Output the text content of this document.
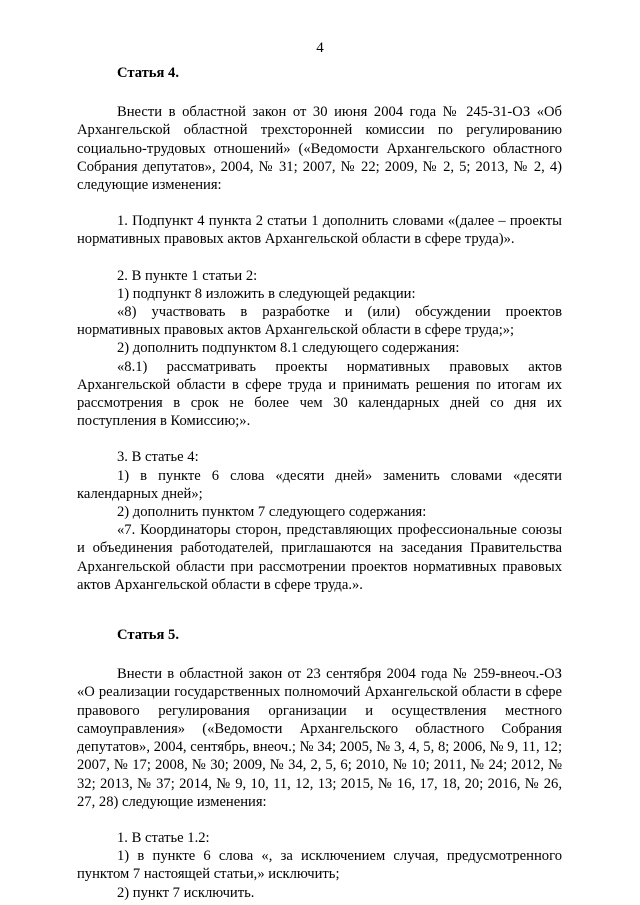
4
Статья 4.

Внести в областной закон от 30 июня 2004 года № 245-31-ОЗ «Об Архангельской областной трехсторонней комиссии по регулированию социально-трудовых отношений» («Ведомости Архангельского областного Собрания депутатов», 2004, № 31; 2007, № 22; 2009, № 2, 5; 2013, № 2, 4) следующие изменения:

1. Подпункт 4 пункта 2 статьи 1 дополнить словами «(далее – проекты нормативных правовых актов Архангельской области в сфере труда)».

2. В пункте 1 статьи 2:

1) подпункт 8 изложить в следующей редакции:

«8) участвовать в разработке и (или) обсуждении проектов нормативных правовых актов Архангельской области в сфере труда;»;

2) дополнить подпунктом 8.1 следующего содержания:

«8.1) рассматривать проекты нормативных правовых актов Архангельской области в сфере труда и принимать решения по итогам их рассмотрения в срок не более чем 30 календарных дней со дня их поступления в Комиссию;».

3. В статье 4:

1) в пункте 6 слова «десяти дней» заменить словами «десяти календарных дней»;

2) дополнить пунктом 7 следующего содержания:

«7. Координаторы сторон, представляющих профессиональные союзы и объединения работодателей, приглашаются на заседания Правительства Архангельской области при рассмотрении проектов нормативных правовых актов Архангельской области в сфере труда.».

Статья 5.

Внести в областной закон от 23 сентября 2004 года № 259-внеоч.-ОЗ «О реализации государственных полномочий Архангельской области в сфере правового регулирования организации и осуществления местного самоуправления» («Ведомости Архангельского областного Собрания депутатов», 2004, сентябрь, внеоч.; № 34; 2005, № 3, 4, 5, 8; 2006, № 9, 11, 12; 2007, № 17; 2008, № 30; 2009, № 34, 2, 5, 6; 2010, № 10; 2011, № 24; 2012, № 32; 2013, № 37; 2014, № 9, 10, 11, 12, 13; 2015, № 16, 17, 18, 20; 2016, № 26, 27, 28) следующие изменения:

1. В статье 1.2:

1) в пункте 6 слова «, за исключением случая, предусмотренного пунктом 7 настоящей статьи,» исключить;

2) пункт 7 исключить.
